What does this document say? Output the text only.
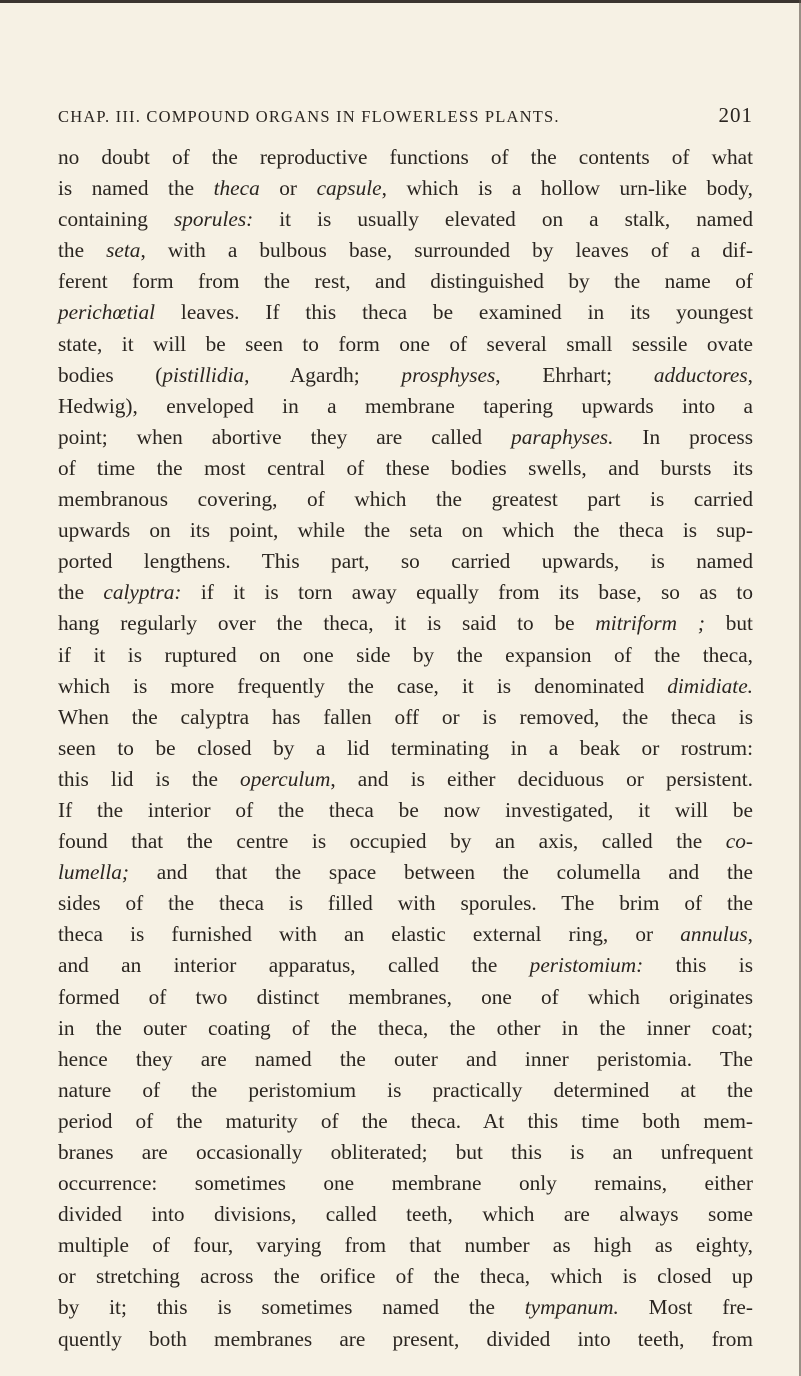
CHAP. III. COMPOUND ORGANS IN FLOWERLESS PLANTS.	201
no doubt of the reproductive functions of the contents of what
is named the theca or capsule, which is a hollow urn-like body,
containing sporules: it is usually elevated on a stalk, named
the seta, with a bulbous base, surrounded by leaves of a dif-
ferent form from the rest, and distinguished by the name of
perichœtial leaves. If this theca be examined in its youngest
state, it will be seen to form one of several small sessile ovate
bodies (pistillidia, Agardh; prosphyses, Ehrhart; adductores,
Hedwig), enveloped in a membrane tapering upwards into a
point; when abortive they are called paraphyses. In process
of time the most central of these bodies swells, and bursts its
membranous covering, of which the greatest part is carried
upwards on its point, while the seta on which the theca is sup-
ported lengthens. This part, so carried upwards, is named
the calyptra: if it is torn away equally from its base, so as to
hang regularly over the theca, it is said to be mitriform ; but
if it is ruptured on one side by the expansion of the theca,
which is more frequently the case, it is denominated dimidiate.
When the calyptra has fallen off or is removed, the theca is
seen to be closed by a lid terminating in a beak or rostrum:
this lid is the operculum, and is either deciduous or persistent.
If the interior of the theca be now investigated, it will be
found that the centre is occupied by an axis, called the co-
lumella; and that the space between the columella and the
sides of the theca is filled with sporules. The brim of the
theca is furnished with an elastic external ring, or annulus,
and an interior apparatus, called the peristomium: this is
formed of two distinct membranes, one of which originates
in the outer coating of the theca, the other in the inner coat;
hence they are named the outer and inner peristomia. The
nature of the peristomium is practically determined at the
period of the maturity of the theca. At this time both mem-
branes are occasionally obliterated; but this is an unfrequent
occurrence: sometimes one membrane only remains, either
divided into divisions, called teeth, which are always some
multiple of four, varying from that number as high as eighty,
or stretching across the orifice of the theca, which is closed up
by it; this is sometimes named the tympanum. Most fre-
quently both membranes are present, divided into teeth, from
